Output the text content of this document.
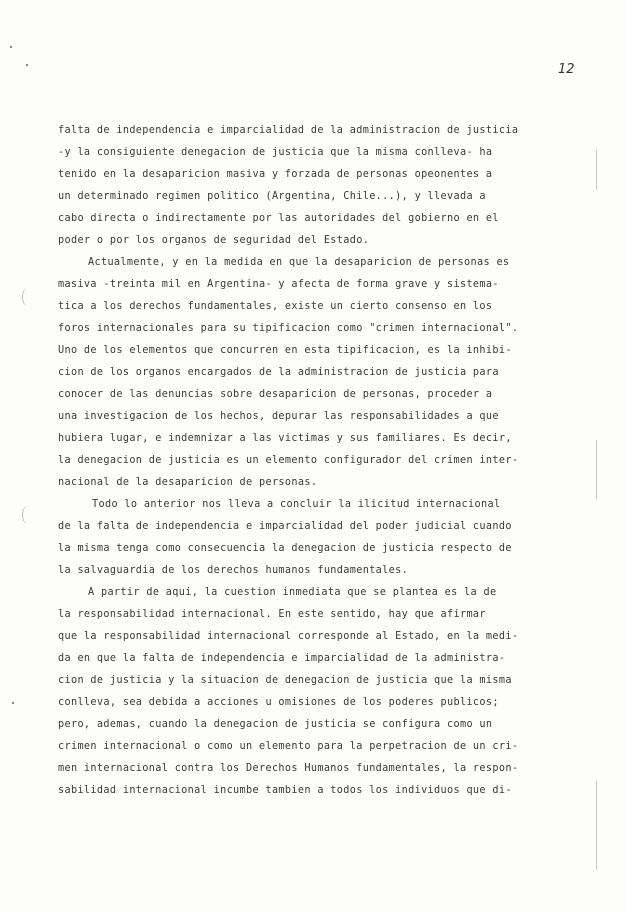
12
falta de independencia e imparcialidad de la administracion de justicia
-y la consiguiente denegacion de justicia que la misma conlleva- ha
tenido en la desaparicion masiva y forzada de personas opeonentes a
un determinado regimen politico (Argentina, Chile...), y llevada a
cabo directa o indirectamente por las autoridades del gobierno en el
poder o por los organos de seguridad del Estado.
Actualmente, y en la medida en que la desaparicion de personas es
masiva -treinta mil en Argentina- y afecta de forma grave y sistema-
tica a los derechos fundamentales, existe un cierto consenso en los
foros internacionales para su tipificacion como "crimen internacional".
Uno de los elementos que concurren en esta tipificacion, es la inhibi-
cion de los organos encargados de la administracion de justicia para
conocer de las denuncias sobre desaparicion de personas, proceder a
una investigacion de los hechos, depurar las responsabilidades a que
hubiera lugar, e indemnizar a las victimas y sus familiares. Es decir,
la denegacion de justicia es un elemento configurador del crimen inter-
nacional de la desaparicion de personas.
Todo lo anterior nos lleva a concluir la ilicitud internacional
de la falta de independencia e imparcialidad del poder judicial cuando
la misma tenga como consecuencia la denegacion de justicia respecto de
la salvaguardia de los derechos humanos fundamentales.
A partir de aqui, la cuestion inmediata que se plantea es la de
la responsabilidad internacional. En este sentido, hay que afirmar
que la responsabilidad internacional corresponde al Estado, en la medi-
da en que la falta de independencia e imparcialidad de la administra-
cion de justicia y la situacion de denegacion de justicia que la misma
conlleva, sea debida a acciones u omisiones de los poderes publicos;
pero, ademas, cuando la denegacion de justicia se configura como un
crimen internacional o como un elemento para la perpetracion de un cri-
men internacional contra los Derechos Humanos fundamentales, la respon-
sabilidad internacional incumbe tambien a todos los individuos que di-
